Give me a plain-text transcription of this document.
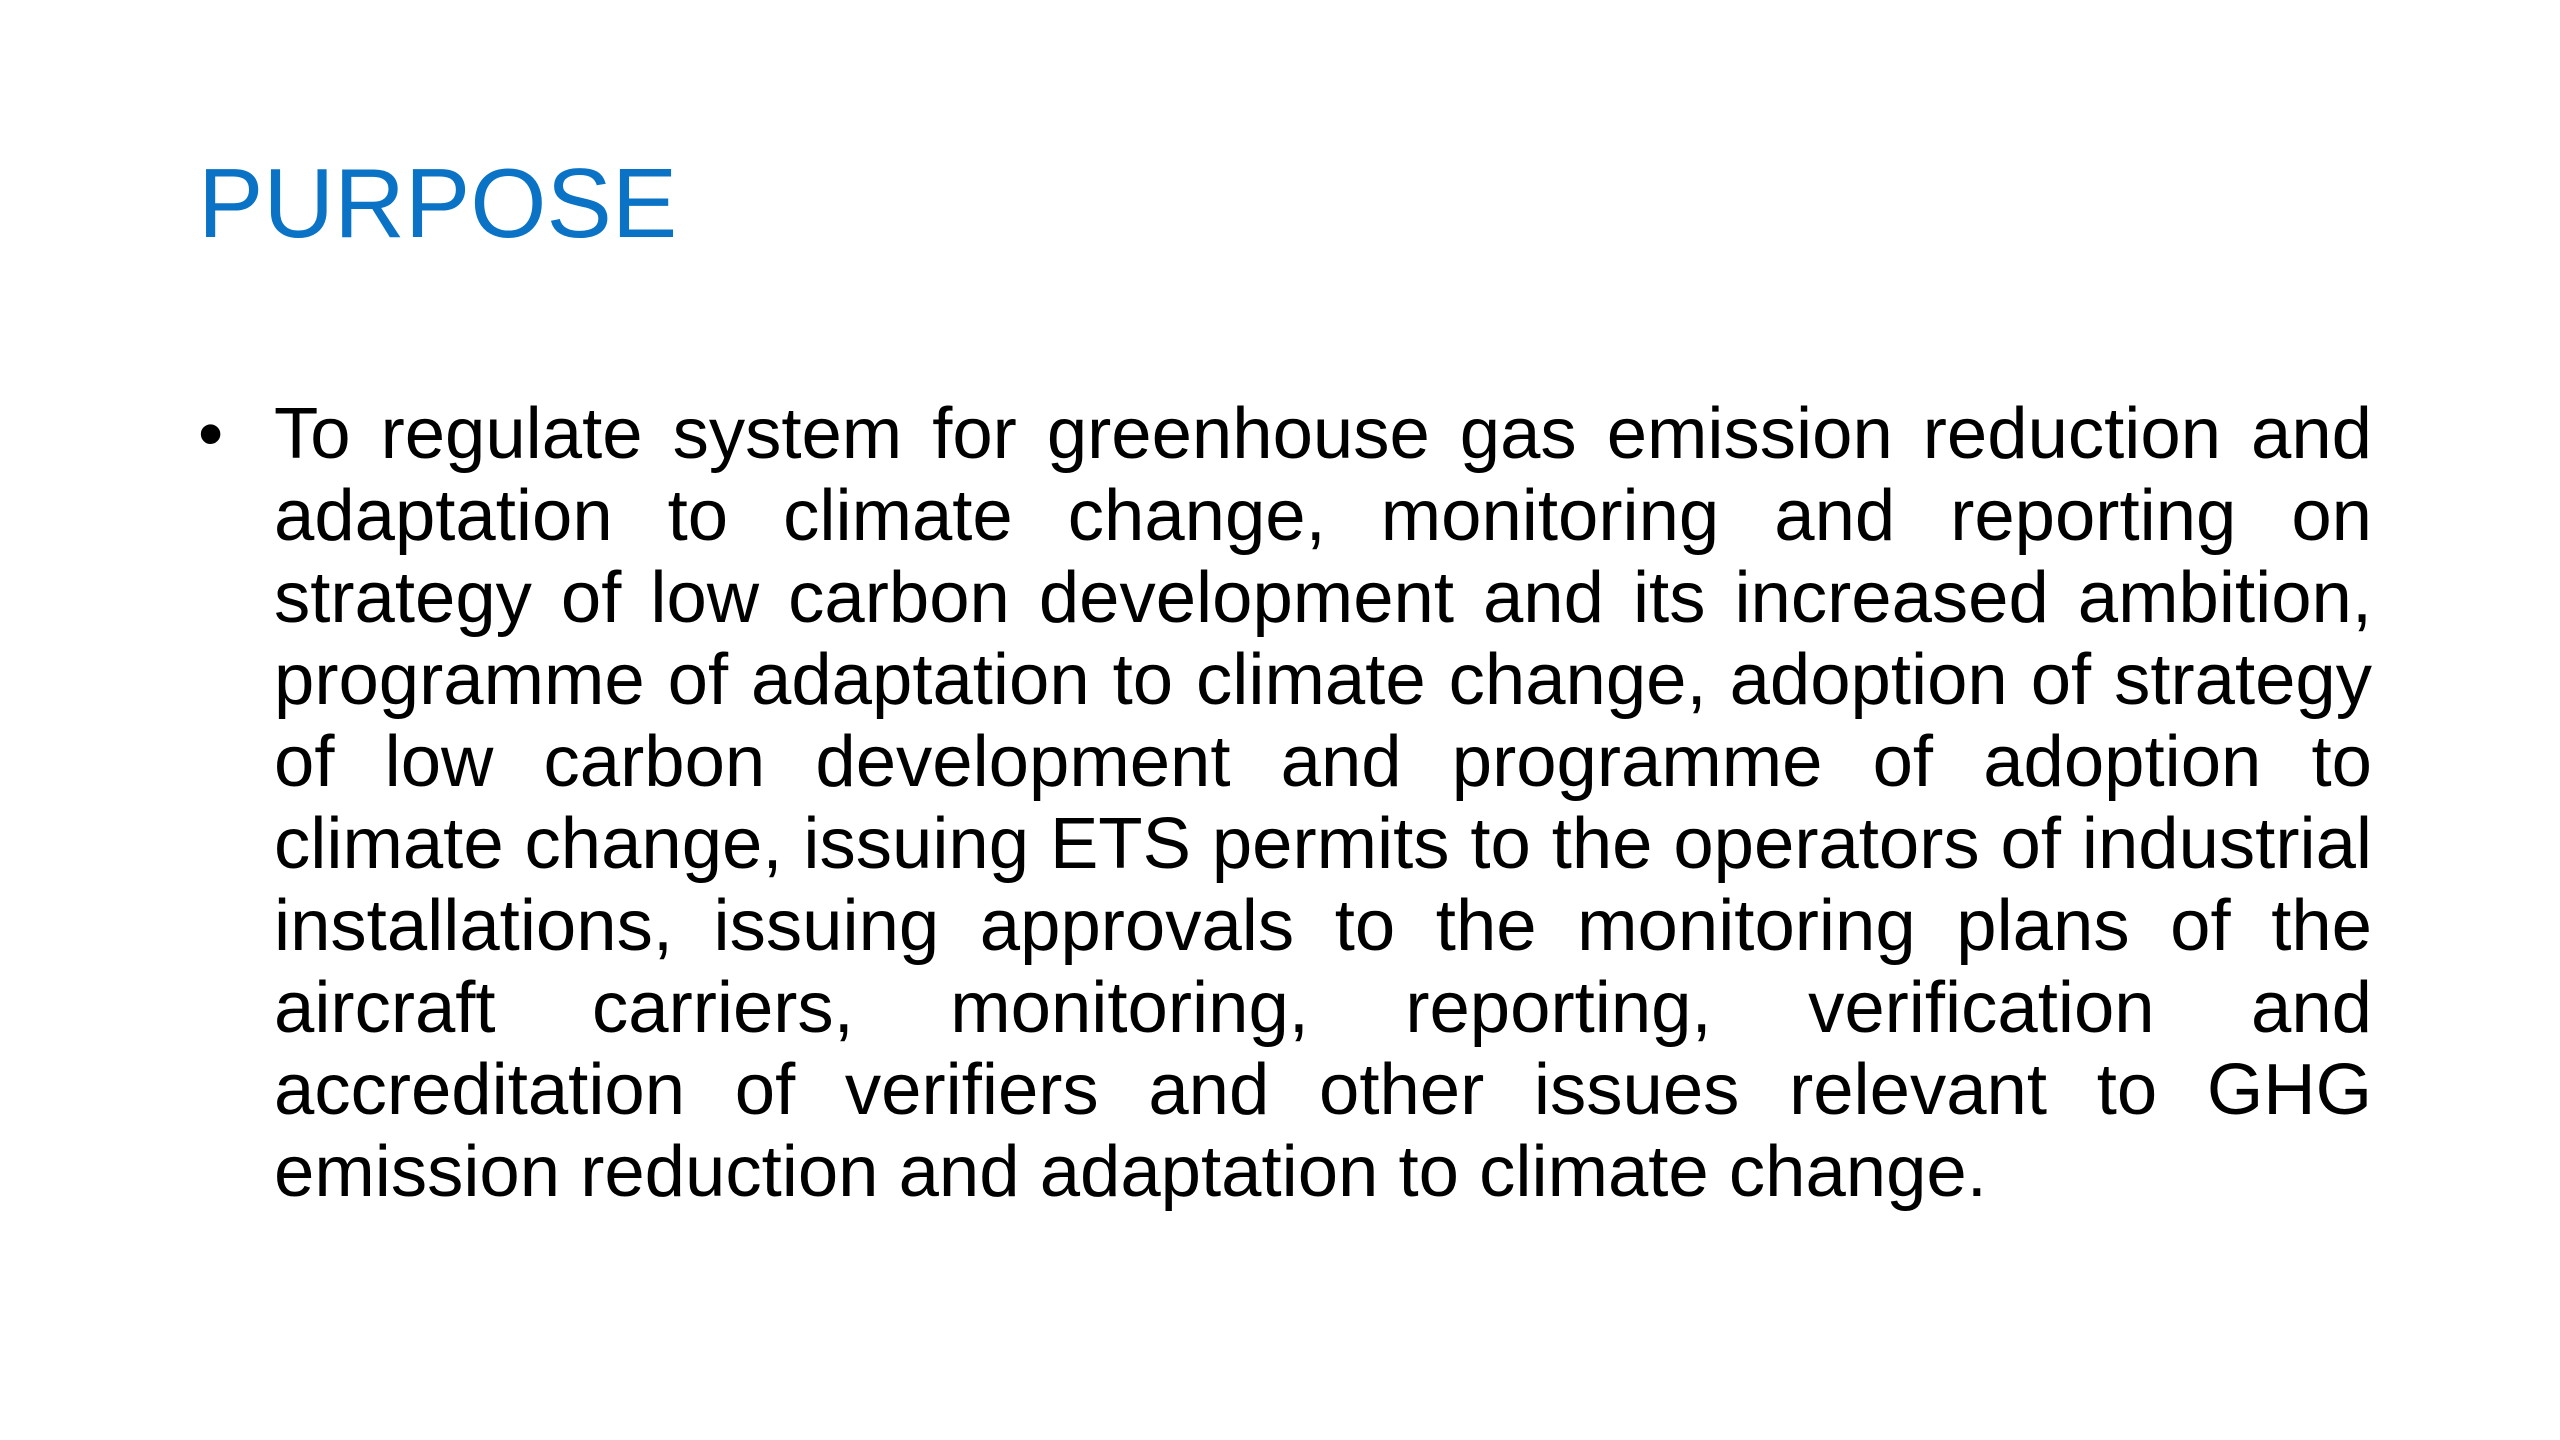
PURPOSE
• To regulate system for greenhouse gas emission reduction and adaptation to climate change, monitoring and reporting on strategy of low carbon development and its increased ambition, programme of adaptation to climate change, adoption of strategy of low carbon development and programme of adoption to climate change, issuing ETS permits to the operators of industrial installations, issuing approvals to the monitoring plans of the aircraft carriers, monitoring, reporting, verification and accreditation of verifiers and other issues relevant to GHG emission reduction and adaptation to climate change.
